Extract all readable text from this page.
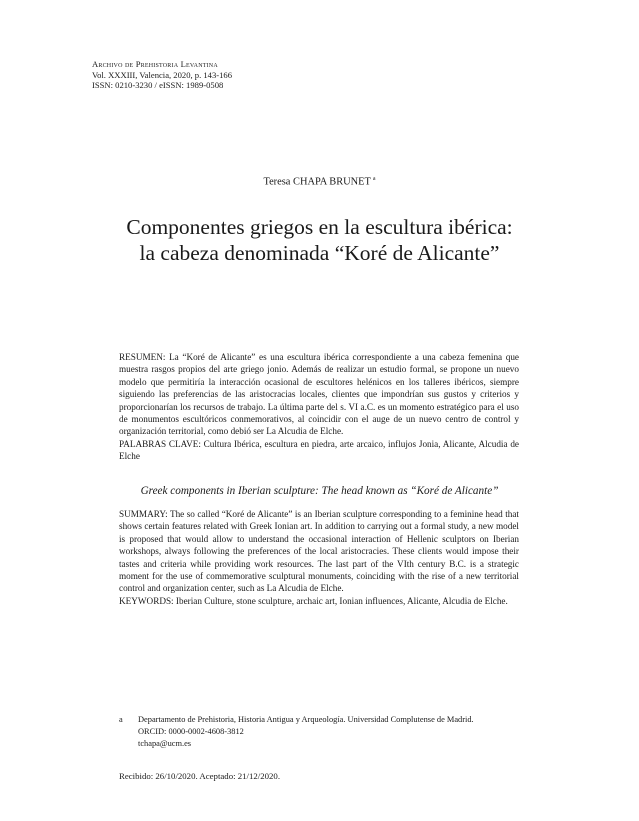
Archivo de Prehistoria Levantina
Vol. XXXIII, Valencia, 2020, p. 143-166
ISSN: 0210-3230 / eISSN: 1989-0508
Teresa CHAPA BRUNET $^a$
Componentes griegos en la escultura ibérica:
la cabeza denominada “Koré de Alicante”

RESUMEN: La “Koré de Alicante” es una escultura ibérica correspondiente a una cabeza femenina que muestra rasgos propios del arte griego jonio. Además de realizar un estudio formal, se propone un nuevo modelo que permitiría la interacción ocasional de escultores helénicos en los talleres ibéricos, siempre siguiendo las preferencias de las aristocracias locales, clientes que impondrían sus gustos y criterios y proporcionarían los recursos de trabajo. La última parte del s. VI a.C. es un momento estratégico para el uso de monumentos escultóricos conmemorativos, al coincidir con el auge de un nuevo centro de control y organización territorial, como debió ser La Alcudia de Elche.

PALABRAS CLAVE: Cultura Ibérica, escultura en piedra, arte arcaico, influjos Jonia, Alicante, Alcudia de Elche

Greek components in Iberian sculpture: The head known as “Koré de Alicante”

SUMMARY: The so called “Koré de Alicante” is an Iberian sculpture corresponding to a feminine head that shows certain features related with Greek Ionian art. In addition to carrying out a formal study, a new model is proposed that would allow to understand the occasional interaction of Hellenic sculptors on Iberian workshops, always following the preferences of the local aristocracies. These clients would impose their tastes and criteria while providing work resources. The last part of the VIth century B.C. is a strategic moment for the use of commemorative sculptural monuments, coinciding with the rise of a new territorial control and organization center, such as La Alcudia de Elche.

KEYWORDS: Iberian Culture, stone sculpture, archaic art, Ionian influences, Alicante, Alcudia de Elche.

a Departamento de Prehistoria, Historia Antigua y Arqueología. Universidad Complutense de Madrid.
ORCID: 0000-0002-4608-3812
tchapa@ucm.es
Recibido: 26/10/2020. Aceptado: 21/12/2020.
